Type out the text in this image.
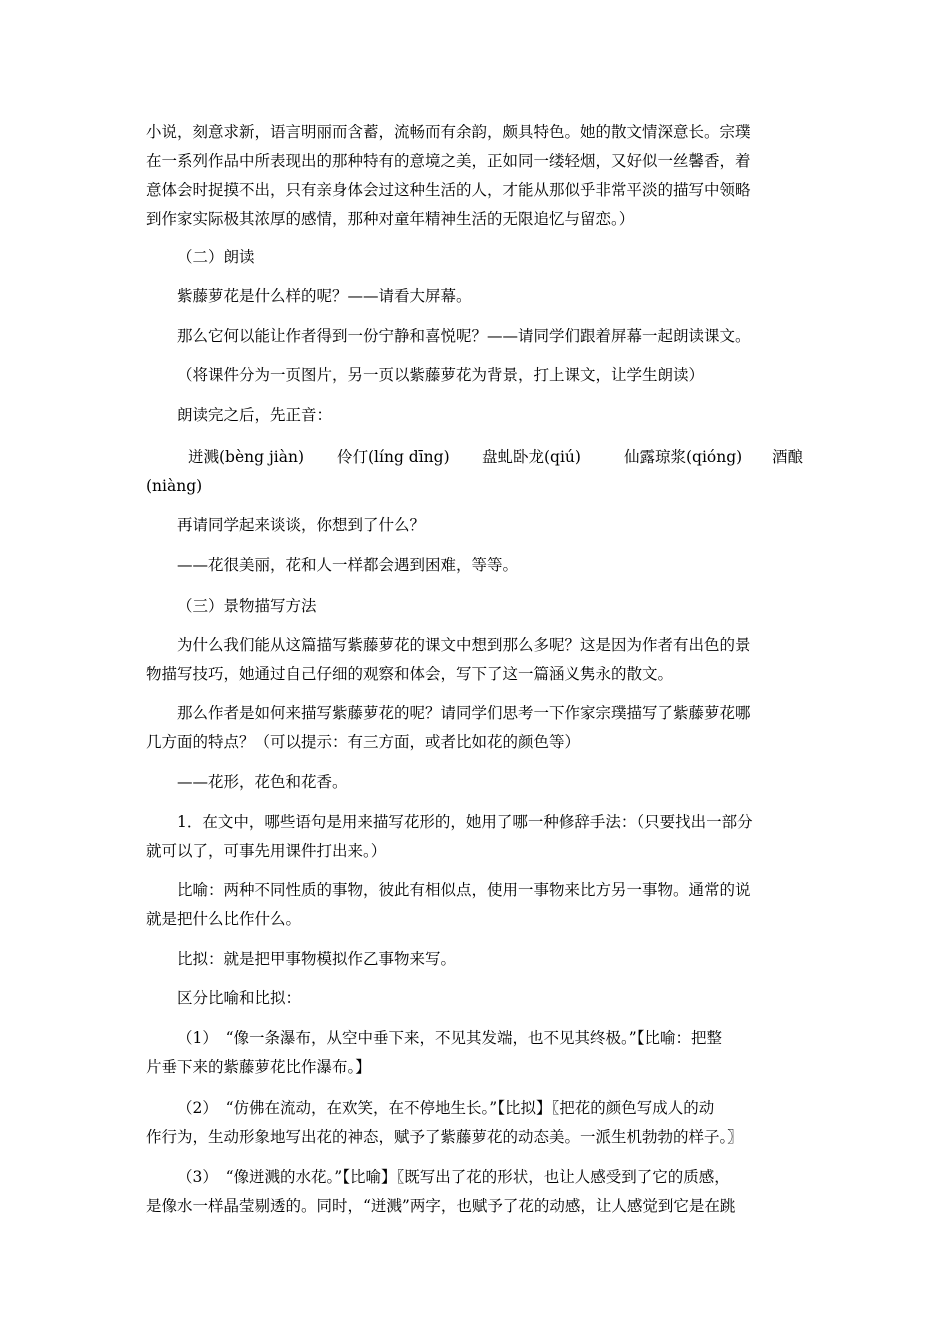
小说，刻意求新，语言明丽而含蓄，流畅而有余韵，颇具特色。她的散文情深意长。宗璞
在一系列作品中所表现出的那种特有的意境之美，正如同一缕轻烟，又好似一丝馨香，着
意体会时捉摸不出，只有亲身体会过这种生活的人，才能从那似乎非常平淡的描写中领略
到作家实际极其浓厚的感情，那种对童年精神生活的无限追忆与留恋。）
（二）朗读
紫藤萝花是什么样的呢？——请看大屏幕。
那么它何以能让作者得到一份宁静和喜悦呢？——请同学们跟着屏幕一起朗读课文。
（将课件分为一页图片，另一页以紫藤萝花为背景，打上课文，让学生朗读）
朗读完之后，先正音：
迸溅(bèng jiàn) 伶仃(líng dīng) 盘虬卧龙(qiú)	仙露琼浆(qióng) 酒酿
(niàng)
再请同学起来谈谈，你想到了什么？
——花很美丽，花和人一样都会遇到困难，等等。
（三）景物描写方法
为什么我们能从这篇描写紫藤萝花的课文中想到那么多呢？这是因为作者有出色的景
物描写技巧，她通过自己仔细的观察和体会，写下了这一篇涵义隽永的散文。
那么作者是如何来描写紫藤萝花的呢？请同学们思考一下作家宗璞描写了紫藤萝花哪
几方面的特点？（可以提示：有三方面，或者比如花的颜色等）
——花形，花色和花香。
1．在文中，哪些语句是用来描写花形的，她用了哪一种修辞手法：（只要找出一部分
就可以了，可事先用课件打出来。）
比喻：两种不同性质的事物，彼此有相似点，使用一事物来比方另一事物。通常的说
就是把什么比作什么。
比拟：就是把甲事物模拟作乙事物来写。
区分比喻和比拟：
（1）　“像一条瀑布，从空中垂下来，不见其发端，也不见其终极。”【比喻：把整
片垂下来的紫藤萝花比作瀑布。】
（2）　“仿佛在流动，在欢笑，在不停地生长。”【比拟】〖把花的颜色写成人的动
作行为，生动形象地写出花的神态，赋予了紫藤萝花的动态美。一派生机勃勃的样子。〗
（3）　“像迸溅的水花。”【比喻】〖既写出了花的形状，也让人感受到了它的质感，
是像水一样晶莹剔透的。同时，“迸溅”两字，也赋予了花的动感，让人感觉到它是在跳
